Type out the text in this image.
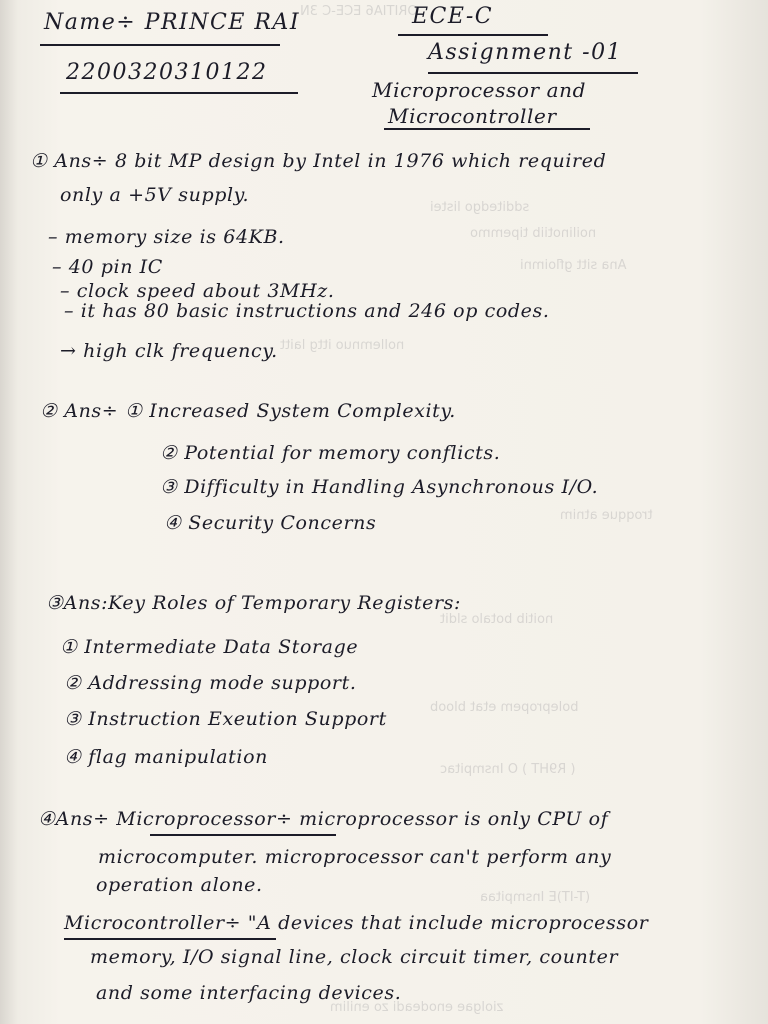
ORITIA6 ECE-C 3N
sdditedgo listei
noilinotiib tipemmo
Ana sitt gfloimni
nollemnuo ittg laitt
troqque atnim
noitib botalo sldit
bolepropem etat bloob
( R9HT ) O Insmpitac
(T-IT)E Insmpitaa
ziolgae enodeadi zo enilim
Name÷ PRINCE RAI
2200320310122
ECE-C
Assignment -01
Microprocessor and
Microcontroller
① Ans÷ 8 bit MP design by Intel in 1976 which required
only a +5V supply.
– memory size is 64KB.
– 40 pin IC
– clock speed about 3MHz.
– it has 80 basic instructions and 246 op codes.
→ high clk frequency.
② Ans÷ ① Increased System Complexity.
② Potential for memory conflicts.
③ Difficulty in Handling Asynchronous I/O.
④ Security Concerns
③Ans:Key Roles of Temporary Registers:
① Intermediate Data Storage
② Addressing mode support.
③ Instruction Exeution Support
④ flag manipulation
④Ans÷ Microprocessor÷ microprocessor is only CPU of
microcomputer. microprocessor can't perform any
operation alone.
Microcontroller÷ "A devices that include microprocessor
memory, I/O signal line, clock circuit timer, counter
and some interfacing devices.
